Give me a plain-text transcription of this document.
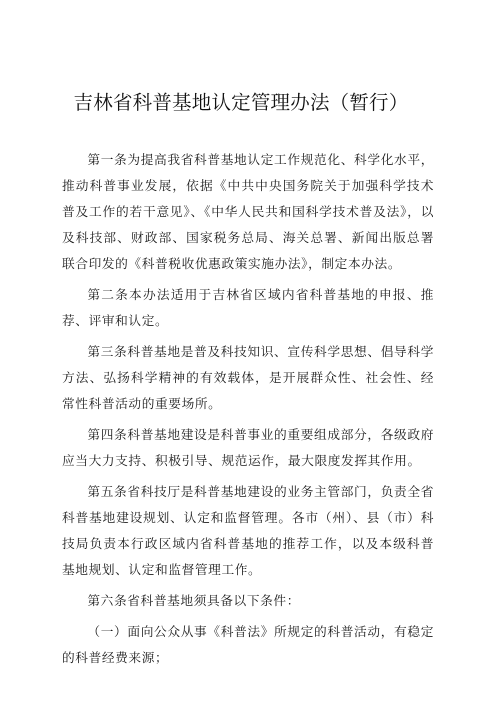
吉林省科普基地认定管理办法（暂行）

第一条为提高我省科普基地认定工作规范化、科学化水平，推动科普事业发展，依据《中共中央国务院关于加强科学技术普及工作的若干意见》、《中华人民共和国科学技术普及法》，以及科技部、财政部、国家税务总局、海关总署、新闻出版总署联合印发的《科普税收优惠政策实施办法》，制定本办法。

第二条本办法适用于吉林省区域内省科普基地的申报、推荐、评审和认定。

第三条科普基地是普及科技知识、宣传科学思想、倡导科学方法、弘扬科学精神的有效载体，是开展群众性、社会性、经常性科普活动的重要场所。

第四条科普基地建设是科普事业的重要组成部分，各级政府应当大力支持、积极引导、规范运作，最大限度发挥其作用。

第五条省科技厅是科普基地建设的业务主管部门，负责全省科普基地建设规划、认定和监督管理。各市（州）、县（市）科技局负责本行政区域内省科普基地的推荐工作，以及本级科普基地规划、认定和监督管理工作。

第六条省科普基地须具备以下条件：

（一）面向公众从事《科普法》所规定的科普活动，有稳定的科普经费来源；
